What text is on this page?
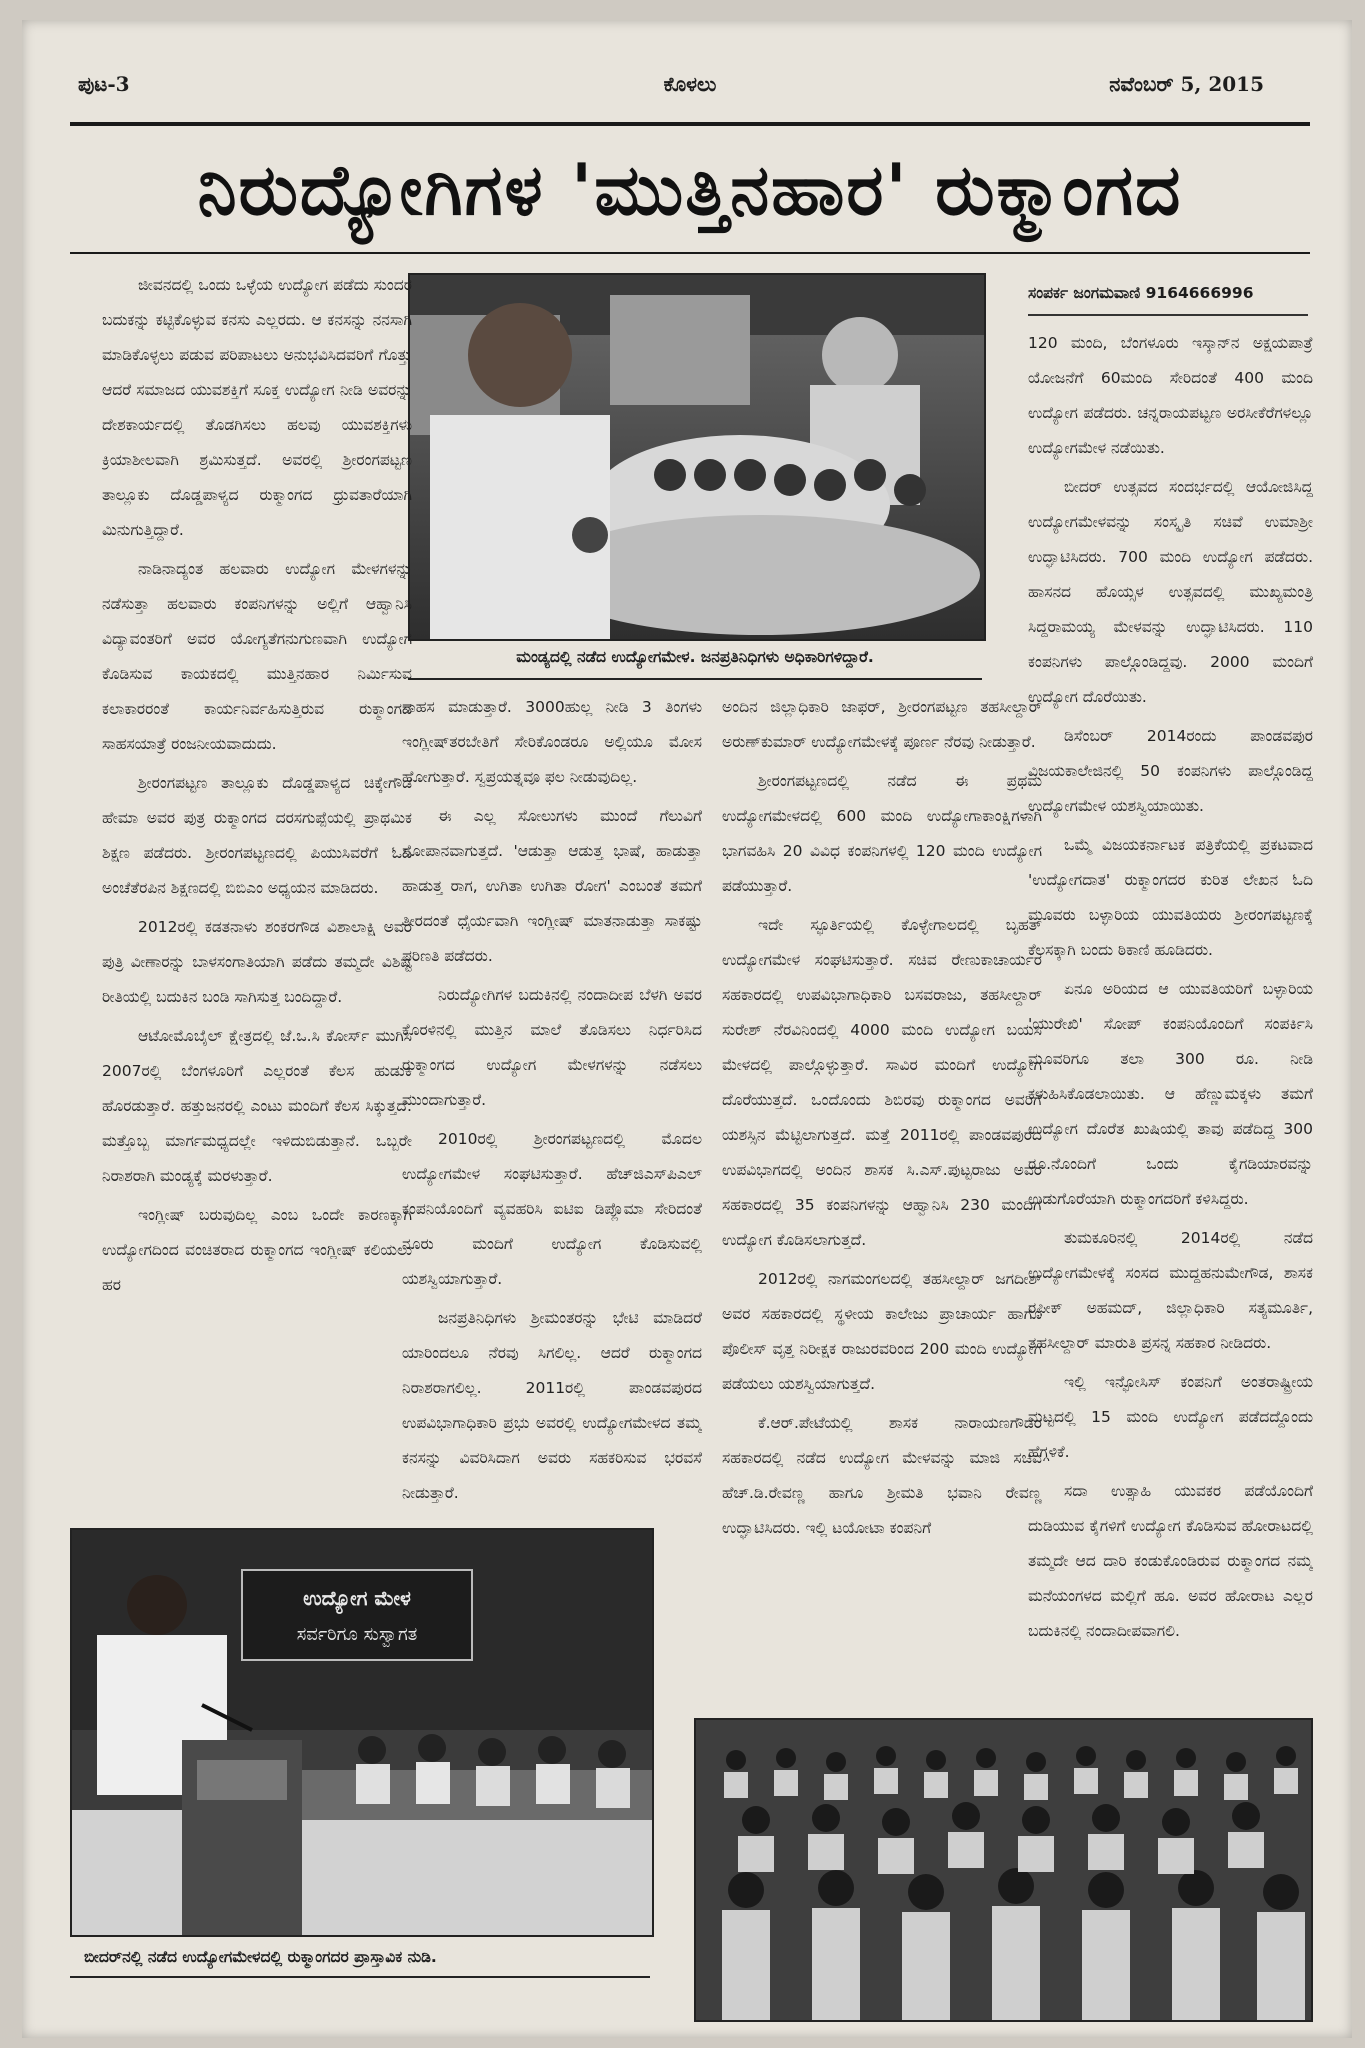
ಪುಟ-3	ಕೊಳಲು	ನವೆಂಬರ್ 5, 2015
ನಿರುದ್ಯೋಗಿಗಳ 'ಮುತ್ತಿನಹಾರ' ರುಕ್ಮಾಂಗದ
ಮಂಡ್ಯದಲ್ಲಿ ನಡೆದ ಉದ್ಯೋಗಮೇಳ. ಜನಪ್ರತಿನಿಧಿಗಳು ಅಧಿಕಾರಿಗಳಿದ್ದಾರೆ.
ಸಂಪರ್ಕ ಜಂಗಮವಾಣಿ 9164666996

ಜೀವನದಲ್ಲಿ ಒಂದು ಒಳ್ಳೆಯ ಉದ್ಯೋಗ ಪಡೆದು ಸುಂದರ ಬದುಕನ್ನು ಕಟ್ಟಿಕೊಳ್ಳುವ ಕನಸು ಎಲ್ಲರದು. ಆ ಕನಸನ್ನು ನನಸಾಗಿ ಮಾಡಿಕೊಳ್ಳಲು ಪಡುವ ಪರಿಪಾಟಲು ಅನುಭವಿಸಿದವರಿಗೆ ಗೊತ್ತು ಆದರೆ ಸಮಾಜದ ಯುವಶಕ್ತಿಗೆ ಸೂಕ್ತ ಉದ್ಯೋಗ ನೀಡಿ ಅವರನ್ನು ದೇಶಕಾರ್ಯದಲ್ಲಿ ತೊಡಗಿಸಲು ಹಲವು ಯುವಶಕ್ತಿಗಳು ಕ್ರಿಯಾಶೀಲವಾಗಿ ಶ್ರಮಿಸುತ್ತದೆ. ಅವರಲ್ಲಿ ಶ್ರೀರಂಗಪಟ್ಟಣ ತಾಲ್ಲೂಕು ದೊಡ್ಡಪಾಳ್ಯದ ರುಕ್ಮಾಂಗದ ಧ್ರುವತಾರೆಯಾಗಿ ಮಿನುಗುತ್ತಿದ್ದಾರೆ.

ನಾಡಿನಾದ್ಯಂತ ಹಲವಾರು ಉದ್ಯೋಗ ಮೇಳಗಳನ್ನು ನಡೆಸುತ್ತಾ ಹಲವಾರು ಕಂಪನಿಗಳನ್ನು ಅಲ್ಲಿಗೆ ಆಹ್ವಾನಿಸಿ ವಿದ್ಯಾವಂತರಿಗೆ ಅವರ ಯೋಗ್ಯತೆಗನುಗುಣವಾಗಿ ಉದ್ಯೋಗ ಕೊಡಿಸುವ ಕಾಯಕದಲ್ಲಿ ಮುತ್ತಿನಹಾರ ನಿರ್ಮಿಸುವ ಕಲಾಕಾರರಂತೆ ಕಾರ್ಯನಿರ್ವಹಿಸುತ್ತಿರುವ ರುಕ್ಮಾಂಗದ ಸಾಹಸಯಾತ್ರೆ ರಂಜನೀಯವಾದುದು.

ಶ್ರೀರಂಗಪಟ್ಟಣ ತಾಲ್ಲೂಕು ದೊಡ್ಡಪಾಳ್ಯದ ಚಿಕ್ಕೇಗೌಡ ಹೇಮಾ ಅವರ ಪುತ್ರ ರುಕ್ಮಾಂಗದ ದರಸಗುಪ್ಪೆಯಲ್ಲಿ ಪ್ರಾಥಮಿಕ ಶಿಕ್ಷಣ ಪಡೆದರು. ಶ್ರೀರಂಗಪಟ್ಟಣದಲ್ಲಿ ಪಿಯುಸಿವರೆಗೆ ಓದಿ ಅಂಚೆತೆರಪಿನ ಶಿಕ್ಷಣದಲ್ಲಿ ಬಿಬಿಎಂ ಅಧ್ಯಯನ ಮಾಡಿದರು.

2012ರಲ್ಲಿ ಕಡತನಾಳು ಶಂಕರಗೌಡ ವಿಶಾಲಾಕ್ಷಿ ಅವರ ಪುತ್ರಿ ವೀಣಾರನ್ನು ಬಾಳಸಂಗಾತಿಯಾಗಿ ಪಡೆದು ತಮ್ಮದೇ ವಿಶಿಷ್ಟ ರೀತಿಯಲ್ಲಿ ಬದುಕಿನ ಬಂಡಿ ಸಾಗಿಸುತ್ತ ಬಂದಿದ್ದಾರೆ.

ಆಟೋಮೊಬೈಲ್ ಕ್ಷೇತ್ರದಲ್ಲಿ ಜೆ.ಒ.ಸಿ ಕೋರ್ಸ್ ಮುಗಿಸಿ 2007ರಲ್ಲಿ ಬೆಂಗಳೂರಿಗೆ ಎಲ್ಲರಂತೆ ಕೆಲಸ ಹುಡುಕಿ ಹೊರಡುತ್ತಾರೆ. ಹತ್ತುಜನರಲ್ಲಿ ಎಂಟು ಮಂದಿಗೆ ಕೆಲಸ ಸಿಕ್ಕುತ್ತದೆ. ಮತ್ತೊಬ್ಬ ಮಾರ್ಗಮಧ್ಯದಲ್ಲೇ ಇಳಿದುಬಿಡುತ್ತಾನೆ. ಒಬ್ಬರೇ ನಿರಾಶರಾಗಿ ಮಂಡ್ಯಕ್ಕೆ ಮರಳುತ್ತಾರೆ.

ಇಂಗ್ಲೀಷ್ ಬರುವುದಿಲ್ಲ ಎಂಬ ಒಂದೇ ಕಾರಣಕ್ಕಾಗಿ ಉದ್ಯೋಗದಿಂದ ವಂಚಿತರಾದ ರುಕ್ಮಾಂಗದ ಇಂಗ್ಲೀಷ್ ಕಲಿಯಲು ಹರ

ಸಾಹಸ ಮಾಡುತ್ತಾರೆ. 3000ಹುಲ್ಲ ನೀಡಿ 3 ತಿಂಗಳು ಇಂಗ್ಲೀಷ್‌ತರಬೇತಿಗೆ ಸೇರಿಕೊಂಡರೂ ಅಲ್ಲಿಯೂ ಮೋಸ ಹೋಗುತ್ತಾರೆ. ಸ್ವಪ್ರಯತ್ನವೂ ಫಲ ನೀಡುವುದಿಲ್ಲ.

ಈ ಎಲ್ಲ ಸೋಲುಗಳು ಮುಂದೆ ಗೆಲುವಿಗೆ ಸೋಪಾನವಾಗುತ್ತದೆ. 'ಆಡುತ್ತಾ ಆಡುತ್ತ ಭಾಷೆ, ಹಾಡುತ್ತಾ ಹಾಡುತ್ತ ರಾಗ, ಉಗಿತಾ ಉಗಿತಾ ರೋಗ' ಎಂಬಂತೆ ತಮಗೆ ತೀರದಂತೆ ಧೈರ್ಯವಾಗಿ ಇಂಗ್ಲೀಷ್ ಮಾತನಾಡುತ್ತಾ ಸಾಕಷ್ಟು ಪರಿಣತಿ ಪಡೆದರು.

ನಿರುದ್ಯೋಗಿಗಳ ಬದುಕಿನಲ್ಲಿ ನಂದಾದೀಪ ಬೆಳಗಿ ಅವರ ಕೊರಳಿನಲ್ಲಿ ಮುತ್ತಿನ ಮಾಲೆ ತೊಡಿಸಲು ನಿರ್ಧರಿಸಿದ ರುಕ್ಮಾಂಗದ ಉದ್ಯೋಗ ಮೇಳಗಳನ್ನು ನಡೆಸಲು ಮುಂದಾಗುತ್ತಾರೆ.

2010ರಲ್ಲಿ ಶ್ರೀರಂಗಪಟ್ಟಣದಲ್ಲಿ ಮೊದಲ ಉದ್ಯೋಗಮೇಳ ಸಂಘಟಿಸುತ್ತಾರೆ. ಹೆಚ್‌ಜಿಎಸ್‌ಪಿಎಲ್ ಕಂಪನಿಯೊಂದಿಗೆ ವ್ಯವಹರಿಸಿ ಐಟಿಐ ಡಿಪ್ಲೊಮಾ ಸೇರಿದಂತೆ ನೂರು ಮಂದಿಗೆ ಉದ್ಯೋಗ ಕೊಡಿಸುವಲ್ಲಿ ಯಶಸ್ವಿಯಾಗುತ್ತಾರೆ.

ಜನಪ್ರತಿನಿಧಿಗಳು ಶ್ರೀಮಂತರನ್ನು ಭೇಟಿ ಮಾಡಿದರೆ ಯಾರಿಂದಲೂ ನೆರವು ಸಿಗಲಿಲ್ಲ. ಆದರೆ ರುಕ್ಮಾಂಗದ ನಿರಾಶರಾಗಲಿಲ್ಲ. 2011ರಲ್ಲಿ ಪಾಂಡವಪುರದ ಉಪವಿಭಾಗಾಧಿಕಾರಿ ಪ್ರಭು ಅವರಲ್ಲಿ ಉದ್ಯೋಗಮೇಳದ ತಮ್ಮ ಕನಸನ್ನು ವಿವರಿಸಿದಾಗ ಅವರು ಸಹಕರಿಸುವ ಭರವಸೆ ನೀಡುತ್ತಾರೆ.

ಅಂದಿನ ಜಿಲ್ಲಾಧಿಕಾರಿ ಜಾಫರ್, ಶ್ರೀರಂಗಪಟ್ಟಣ ತಹಸೀಲ್ದಾರ್ ಅರುಣ್‌ಕುಮಾರ್ ಉದ್ಯೋಗಮೇಳಕ್ಕೆ ಪೂರ್ಣ ನೆರವು ನೀಡುತ್ತಾರೆ.

ಶ್ರೀರಂಗಪಟ್ಟಣದಲ್ಲಿ ನಡೆದ ಈ ಪ್ರಥಮ ಉದ್ಯೋಗಮೇಳದಲ್ಲಿ 600 ಮಂದಿ ಉದ್ಯೋಗಾಕಾಂಕ್ಷಿಗಳಾಗಿ ಭಾಗವಹಿಸಿ 20 ವಿವಿಧ ಕಂಪನಿಗಳಲ್ಲಿ 120 ಮಂದಿ ಉದ್ಯೋಗ ಪಡೆಯುತ್ತಾರೆ.

ಇದೇ ಸ್ಫೂರ್ತಿಯಲ್ಲಿ ಕೊಳ್ಳೇಗಾಲದಲ್ಲಿ ಬೃಹತ್ ಉದ್ಯೋಗಮೇಳ ಸಂಘಟಿಸುತ್ತಾರೆ. ಸಚಿವ ರೇಣುಕಾಚಾರ್ಯರ ಸಹಕಾರದಲ್ಲಿ ಉಪವಿಭಾಗಾಧಿಕಾರಿ ಬಸವರಾಜು, ತಹಸೀಲ್ದಾರ್ ಸುರೇಶ್ ನೆರವಿನಿಂದಲ್ಲಿ 4000 ಮಂದಿ ಉದ್ಯೋಗ ಬಯಸಿ ಮೇಳದಲ್ಲಿ ಪಾಲ್ಗೊಳ್ಳುತ್ತಾರೆ. ಸಾವಿರ ಮಂದಿಗೆ ಉದ್ಯೋಗ ದೊರೆಯುತ್ತದೆ. ಒಂದೊಂದು ಶಿಬಿರವು ರುಕ್ಮಾಂಗದ ಅವರಿಗೆ ಯಶಸ್ಸಿನ ಮೆಟ್ಟಿಲಾಗುತ್ತದೆ. ಮತ್ತೆ 2011ರಲ್ಲಿ ಪಾಂಡವಪುರದ ಉಪವಿಭಾಗದಲ್ಲಿ ಅಂದಿನ ಶಾಸಕ ಸಿ.ಎಸ್.ಪುಟ್ಟರಾಜು ಅವರ ಸಹಕಾರದಲ್ಲಿ 35 ಕಂಪನಿಗಳನ್ನು ಆಹ್ವಾನಿಸಿ 230 ಮಂದಿಗೆ ಉದ್ಯೋಗ ಕೊಡಿಸಲಾಗುತ್ತದೆ.

2012ರಲ್ಲಿ ನಾಗಮಂಗಲದಲ್ಲಿ ತಹಸೀಲ್ದಾರ್ ಜಗದೀಶ್ ಅವರ ಸಹಕಾರದಲ್ಲಿ ಸ್ಥಳೀಯ ಕಾಲೇಜು ಪ್ರಾಚಾರ್ಯ ಹಾಗೂ ಪೊಲೀಸ್ ವೃತ್ತ ನಿರೀಕ್ಷಕ ರಾಜುರವರಿಂದ 200 ಮಂದಿ ಉದ್ಯೋಗ ಪಡೆಯಲು ಯಶಸ್ವಿಯಾಗುತ್ತದೆ.

ಕೆ.ಆರ್.ಪೇಟೆಯಲ್ಲಿ ಶಾಸಕ ನಾರಾಯಣಗೌಡರ ಸಹಕಾರದಲ್ಲಿ ನಡೆದ ಉದ್ಯೋಗ ಮೇಳವನ್ನು ಮಾಜಿ ಸಚಿವ ಹೆಚ್.ಡಿ.ರೇವಣ್ಣ ಹಾಗೂ ಶ್ರೀಮತಿ ಭವಾನಿ ರೇವಣ್ಣ ಉದ್ಘಾಟಿಸಿದರು. ಇಲ್ಲಿ ಟಯೋಟಾ ಕಂಪನಿಗೆ

120 ಮಂದಿ, ಬೆಂಗಳೂರು ಇಸ್ಕಾನ್‌ನ ಅಕ್ಷಯಪಾತ್ರೆ ಯೋಜನೆಗೆ 60ಮಂದಿ ಸೇರಿದಂತೆ 400 ಮಂದಿ ಉದ್ಯೋಗ ಪಡೆದರು. ಚನ್ನರಾಯಪಟ್ಟಣ ಅರಸೀಕೆರೆಗಳಲ್ಲೂ ಉದ್ಯೋಗಮೇಳ ನಡೆಯಿತು.

ಬೀದರ್ ಉತ್ಸವದ ಸಂದರ್ಭದಲ್ಲಿ ಆಯೋಜಿಸಿದ್ದ ಉದ್ಯೋಗಮೇಳವನ್ನು ಸಂಸ್ಕೃತಿ ಸಚಿವೆ ಉಮಾಶ್ರೀ ಉದ್ಘಾಟಿಸಿದರು. 700 ಮಂದಿ ಉದ್ಯೋಗ ಪಡೆದರು. ಹಾಸನದ ಹೊಯ್ಸಳ ಉತ್ಸವದಲ್ಲಿ ಮುಖ್ಯಮಂತ್ರಿ ಸಿದ್ದರಾಮಯ್ಯ ಮೇಳವನ್ನು ಉದ್ಘಾಟಿಸಿದರು. 110 ಕಂಪನಿಗಳು ಪಾಲ್ಗೊಂಡಿದ್ದವು. 2000 ಮಂದಿಗೆ ಉದ್ಯೋಗ ದೊರೆಯಿತು.

ಡಿಸೆಂಬರ್ 2014ರಂದು ಪಾಂಡವಪುರ ವಿಜಯಕಾಲೇಜಿನಲ್ಲಿ 50 ಕಂಪನಿಗಳು ಪಾಲ್ಗೊಂಡಿದ್ದ ಉದ್ಯೋಗಮೇಳ ಯಶಸ್ವಿಯಾಯಿತು.

ಒಮ್ಮೆ ವಿಜಯಕರ್ನಾಟಕ ಪತ್ರಿಕೆಯಲ್ಲಿ ಪ್ರಕಟವಾದ 'ಉದ್ಯೋಗದಾತ' ರುಕ್ಮಾಂಗದರ ಕುರಿತ ಲೇಖನ ಓದಿ ಮೂವರು ಬಳ್ಳಾರಿಯ ಯುವತಿಯರು ಶ್ರೀರಂಗಪಟ್ಟಣಕ್ಕೆ ಕೆಲಸಕ್ಕಾಗಿ ಬಂದು ಠಿಕಾಣಿ ಹೂಡಿದರು.

ಏನೂ ಅರಿಯದ ಆ ಯುವತಿಯರಿಗೆ ಬಳ್ಳಾರಿಯ 'ಯುರೇಖಿ' ಸೋಪ್ ಕಂಪನಿಯೊಂದಿಗೆ ಸಂಪರ್ಕಿಸಿ ಮೂವರಿಗೂ ತಲಾ 300 ರೂ. ನೀಡಿ ಕಳುಹಿಸಿಕೊಡಲಾಯಿತು. ಆ ಹೆಣ್ಣುಮಕ್ಕಳು ತಮಗೆ ಉದ್ಯೋಗ ದೊರೆತ ಖುಷಿಯಲ್ಲಿ ತಾವು ಪಡೆದಿದ್ದ 300 ರೂ.ನೊಂದಿಗೆ ಒಂದು ಕೈಗಡಿಯಾರವನ್ನು ಉಡುಗೊರೆಯಾಗಿ ರುಕ್ಮಾಂಗದರಿಗೆ ಕಳಿಸಿದ್ದರು.

ತುಮಕೂರಿನಲ್ಲಿ 2014ರಲ್ಲಿ ನಡೆದ ಉದ್ಯೋಗಮೇಳಕ್ಕೆ ಸಂಸದ ಮುದ್ದಹನುಮೇಗೌಡ, ಶಾಸಕ ರಫೀಕ್ ಅಹಮದ್, ಜಿಲ್ಲಾಧಿಕಾರಿ ಸತ್ಯಮೂರ್ತಿ, ತಹಸೀಲ್ದಾರ್ ಮಾರುತಿ ಪ್ರಸನ್ನ ಸಹಕಾರ ನೀಡಿದರು.

ಇಲ್ಲಿ ಇನ್ಫೋಸಿಸ್ ಕಂಪನಿಗೆ ಅಂತರಾಷ್ಟ್ರೀಯ ಮಟ್ಟದಲ್ಲಿ 15 ಮಂದಿ ಉದ್ಯೋಗ ಪಡೆದದ್ದೊಂದು ಹೆಗ್ಗಳಿಕೆ.

ಸದಾ ಉತ್ಸಾಹಿ ಯುವಕರ ಪಡೆಯೊಂದಿಗೆ ದುಡಿಯುವ ಕೈಗಳಿಗೆ ಉದ್ಯೋಗ ಕೊಡಿಸುವ ಹೋರಾಟದಲ್ಲಿ ತಮ್ಮದೇ ಆದ ದಾರಿ ಕಂಡುಕೊಂಡಿರುವ ರುಕ್ಮಾಂಗದ ನಮ್ಮ ಮನೆಯಂಗಳದ ಮಲ್ಲಿಗೆ ಹೂ. ಅವರ ಹೋರಾಟ ಎಲ್ಲರ ಬದುಕಿನಲ್ಲಿ ನಂದಾದೀಪವಾಗಲಿ.

ಉದ್ಯೋಗ ಮೇಳ
ಸರ್ವರಿಗೂ ಸುಸ್ವಾಗತ
ಬೀದರ್‌ನಲ್ಲಿ ನಡೆದ ಉದ್ಯೋಗಮೇಳದಲ್ಲಿ ರುಕ್ಮಾಂಗದರ ಪ್ರಾಸ್ತಾವಿಕ ನುಡಿ.
